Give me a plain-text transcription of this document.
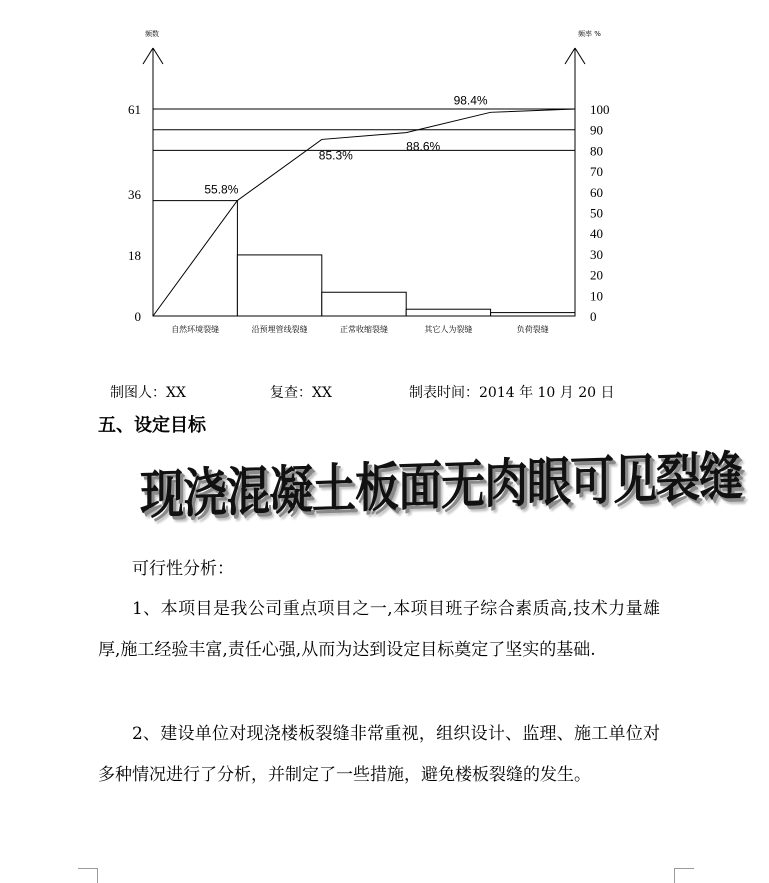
频数	频率 %
61
36
18
0
100
90
80
70
60
50
40
30
20
10
0
自然环境裂缝	沿预埋管线裂缝	正常收缩裂缝	其它人为裂缝	负荷裂缝
55.8%
85.3%
88.6%
98.4%
制图人：XX	复查：XX	制表时间：2014 年 10 月 20 日
五、设定目标
现浇混凝土板面无肉眼可见裂缝

可行性分析：

1、本项目是我公司重点项目之一,本项目班子综合素质高,技术力量雄厚,施工经验丰富,责任心强,从而为达到设定目标奠定了坚实的基础.

2、建设单位对现浇楼板裂缝非常重视，组织设计、监理、施工单位对多种情况进行了分析，并制定了一些措施，避免楼板裂缝的发生。
